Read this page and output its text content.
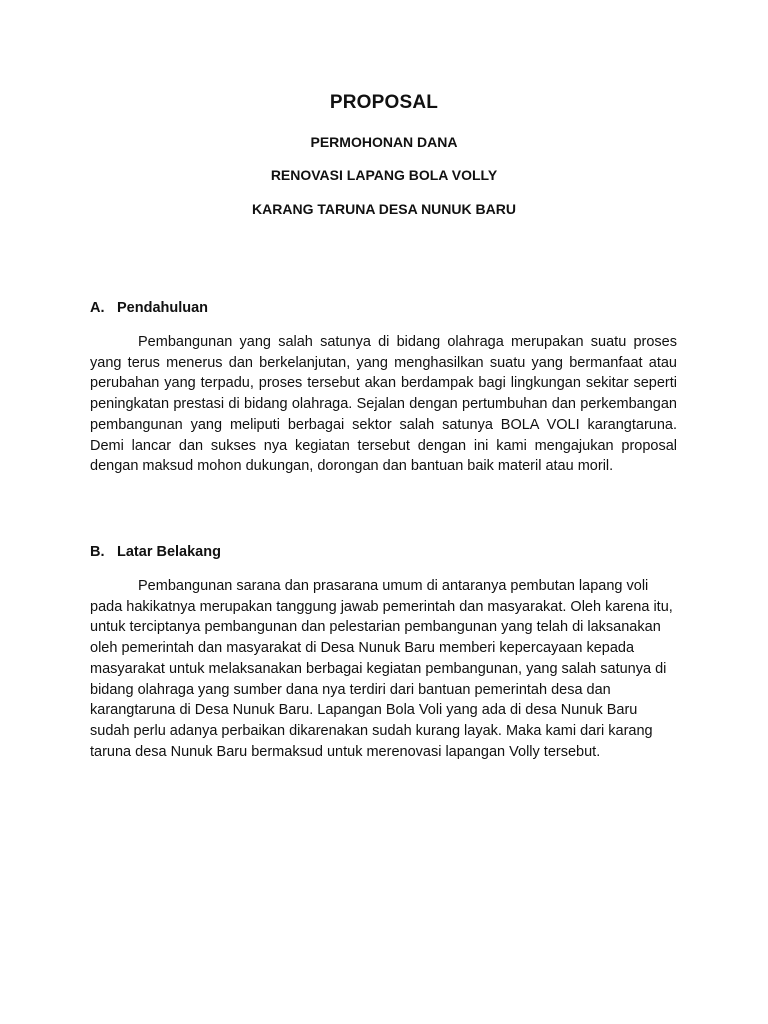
PROPOSAL
PERMOHONAN DANA
RENOVASI LAPANG BOLA VOLLY
KARANG TARUNA DESA NUNUK BARU
A. Pendahuluan

Pembangunan yang salah satunya di bidang olahraga merupakan suatu proses yang terus menerus dan berkelanjutan, yang menghasilkan suatu yang bermanfaat atau perubahan yang terpadu, proses tersebut akan berdampak bagi lingkungan sekitar seperti peningkatan prestasi di bidang olahraga. Sejalan dengan pertumbuhan dan perkembangan pembangunan yang meliputi berbagai sektor salah satunya BOLA VOLI karangtaruna. Demi lancar dan sukses nya kegiatan tersebut dengan ini kami mengajukan proposal dengan maksud mohon dukungan, dorongan dan bantuan baik materil atau moril.

B. Latar Belakang

Pembangunan sarana dan prasarana umum di antaranya pembutan lapang voli pada hakikatnya merupakan tanggung jawab pemerintah dan masyarakat. Oleh karena itu, untuk terciptanya pembangunan dan pelestarian pembangunan yang telah di laksanakan oleh pemerintah dan masyarakat di Desa Nunuk Baru memberi kepercayaan kepada masyarakat untuk melaksanakan berbagai kegiatan pembangunan, yang salah satunya di bidang olahraga yang sumber dana nya terdiri dari bantuan pemerintah desa dan karangtaruna di Desa Nunuk Baru. Lapangan Bola Voli yang ada di desa Nunuk Baru sudah perlu adanya perbaikan dikarenakan sudah kurang layak. Maka kami dari karang taruna desa Nunuk Baru bermaksud untuk merenovasi lapangan Volly tersebut.
